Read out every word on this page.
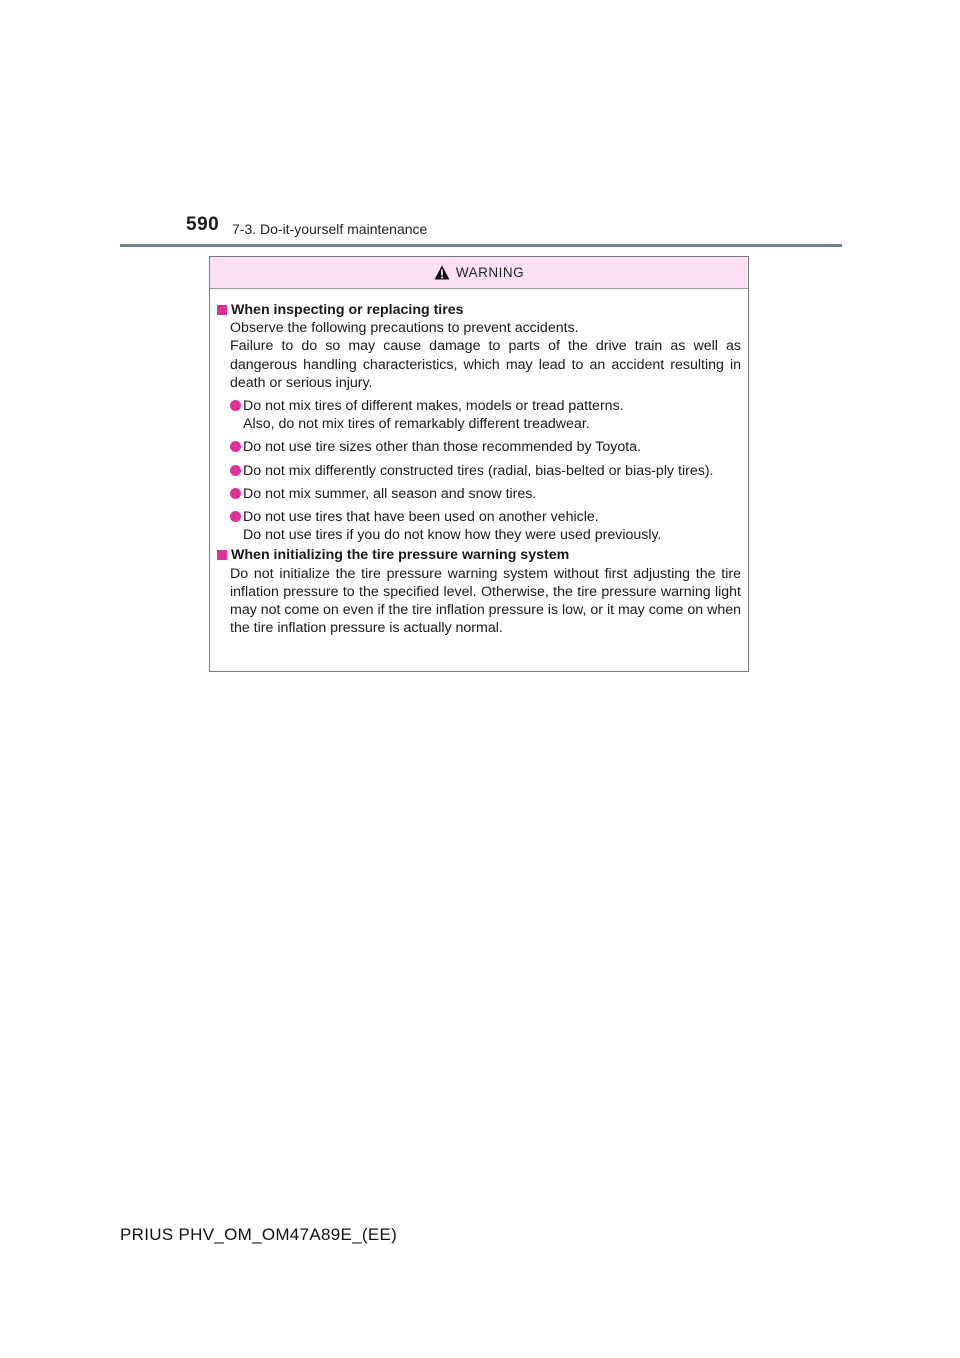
590 7-3. Do-it-yourself maintenance
WARNING
When inspecting or replacing tires
Observe the following precautions to prevent accidents.
Failure to do so may cause damage to parts of the drive train as well as dangerous handling characteristics, which may lead to an accident resulting in death or serious injury.
Do not mix tires of different makes, models or tread patterns.
Also, do not mix tires of remarkably different treadwear.
Do not use tire sizes other than those recommended by Toyota.
Do not mix differently constructed tires (radial, bias-belted or bias-ply tires).
Do not mix summer, all season and snow tires.
Do not use tires that have been used on another vehicle.
Do not use tires if you do not know how they were used previously.
When initializing the tire pressure warning system
Do not initialize the tire pressure warning system without first adjusting the tire inflation pressure to the specified level. Otherwise, the tire pressure warning light may not come on even if the tire inflation pressure is low, or it may come on when the tire inflation pressure is actually normal.
PRIUS PHV_OM_OM47A89E_(EE)
